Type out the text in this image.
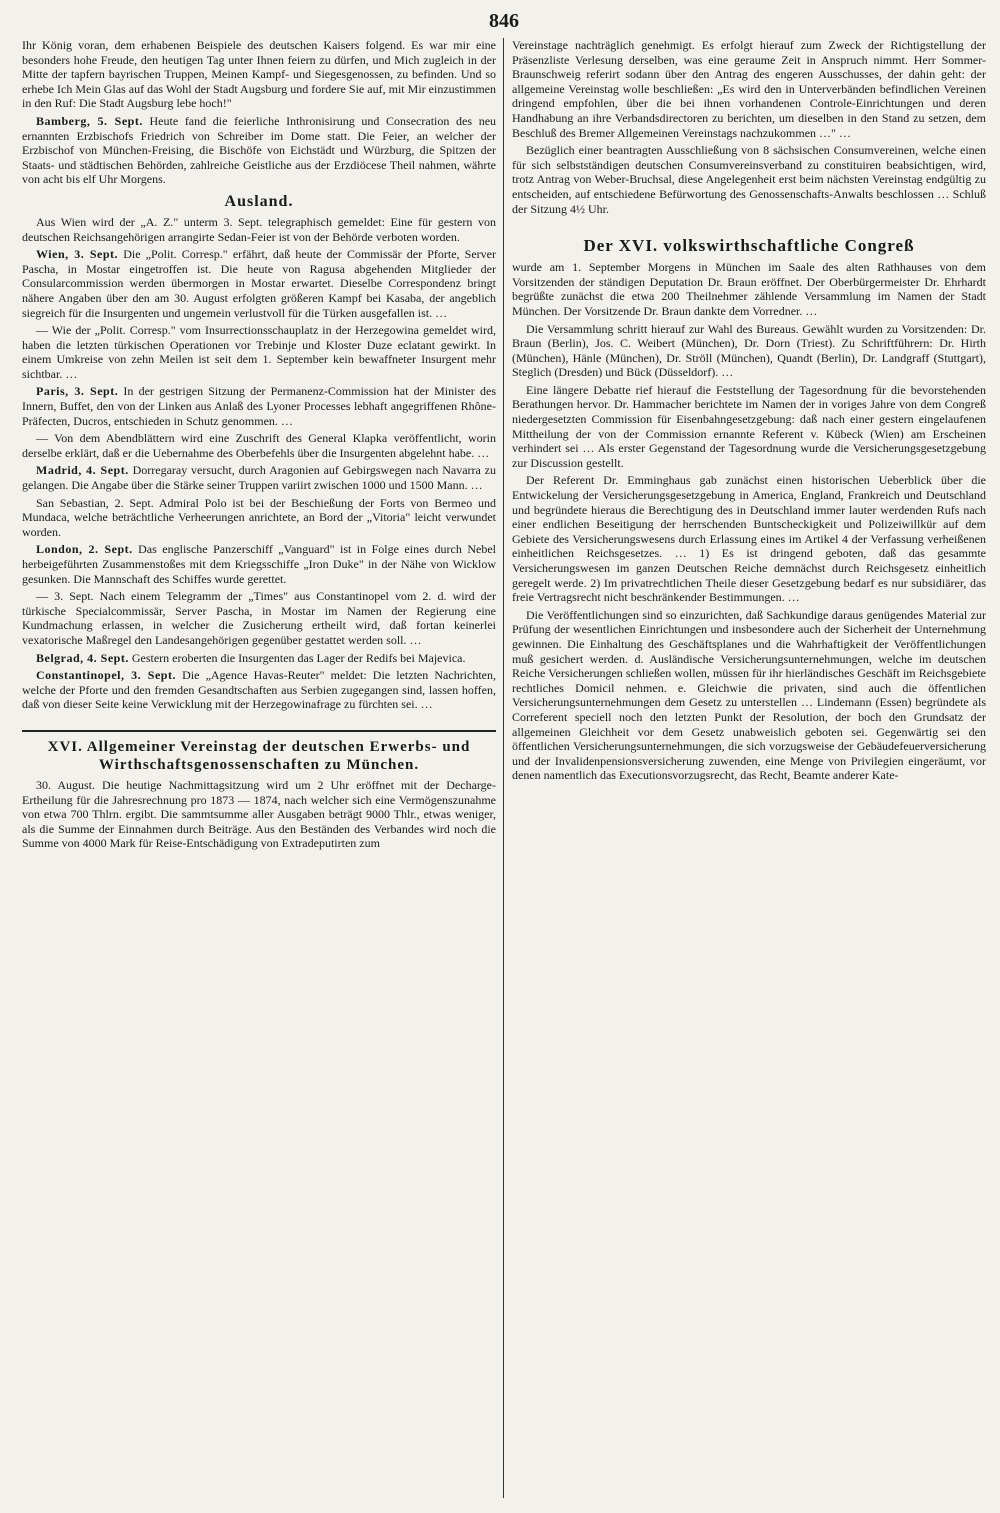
846

Ihr König voran, dem erhabenen Beispiele des deutschen Kaisers folgend. Es war mir eine besonders hohe Freude, den heutigen Tag unter Ihnen feiern zu dürfen, und Mich zugleich in der Mitte der tapfern bayrischen Truppen, Meinen Kampf- und Siegesgenossen, zu befinden. Und so erhebe Ich Mein Glas auf das Wohl der Stadt Augsburg und fordere Sie auf, mit Mir einzustimmen in den Ruf: Die Stadt Augsburg lebe hoch!"

Bamberg, 5. Sept. Heute fand die feierliche Inthronisirung und Consecration des neu ernannten Erzbischofs Friedrich von Schreiber im Dome statt. Die Feier, an welcher der Erzbischof von München-Freising, die Bischöfe von Eichstädt und Würzburg, die Spitzen der Staats- und städtischen Behörden, zahlreiche Geistliche aus der Erzdiöcese Theil nahmen, währte von acht bis elf Uhr Morgens.

Ausland.

Aus Wien wird der „A. Z." unterm 3. Sept. telegraphisch gemeldet: Eine für gestern von deutschen Reichsangehörigen arrangirte Sedan-Feier ist von der Behörde verboten worden.

Wien, 3. Sept. Die „Polit. Corresp." erfährt, daß heute der Commissär der Pforte, Server Pascha, in Mostar eingetroffen ist. Die heute von Ragusa abgehenden Mitglieder der Consularcommission werden übermorgen in Mostar erwartet. Dieselbe Correspondenz bringt nähere Angaben über den am 30. August erfolgten größeren Kampf bei Kasaba, der angeblich siegreich für die Insurgenten und ungemein verlustvoll für die Türken ausgefallen ist. …

— Wie der „Polit. Corresp." vom Insurrectionsschauplatz in der Herzegowina gemeldet wird, haben die letzten türkischen Operationen vor Trebinje und Kloster Duze eclatant gewirkt. In einem Umkreise von zehn Meilen ist seit dem 1. September kein bewaffneter Insurgent mehr sichtbar. …

Paris, 3. Sept. In der gestrigen Sitzung der Permanenz-Commission hat der Minister des Innern, Buffet, den von der Linken aus Anlaß des Lyoner Processes lebhaft angegriffenen Rhône-Präfecten, Ducros, entschieden in Schutz genommen. …

— Von dem Abendblättern wird eine Zuschrift des General Klapka veröffentlicht, worin derselbe erklärt, daß er die Uebernahme des Oberbefehls über die Insurgenten abgelehnt habe. …

Madrid, 4. Sept. Dorregaray versucht, durch Aragonien auf Gebirgswegen nach Navarra zu gelangen. Die Angabe über die Stärke seiner Truppen variirt zwischen 1000 und 1500 Mann. …

San Sebastian, 2. Sept. Admiral Polo ist bei der Beschießung der Forts von Bermeo und Mundaca, welche beträchtliche Verheerungen anrichtete, an Bord der „Vitoria" leicht verwundet worden.

London, 2. Sept. Das englische Panzerschiff „Vanguard" ist in Folge eines durch Nebel herbeigeführten Zusammenstoßes mit dem Kriegsschiffe „Iron Duke" in der Nähe von Wicklow gesunken. Die Mannschaft des Schiffes wurde gerettet.

— 3. Sept. Nach einem Telegramm der „Times" aus Constantinopel vom 2. d. wird der türkische Specialcommissär, Server Pascha, in Mostar im Namen der Regierung eine Kundmachung erlassen, in welcher die Zusicherung ertheilt wird, daß fortan keinerlei vexatorische Maßregel den Landesangehörigen gegenüber gestattet werden soll. …

Belgrad, 4. Sept. Gestern eroberten die Insurgenten das Lager der Redifs bei Majevica.

Constantinopel, 3. Sept. Die „Agence Havas-Reuter" meldet: Die letzten Nachrichten, welche der Pforte und den fremden Gesandtschaften aus Serbien zugegangen sind, lassen hoffen, daß von dieser Seite keine Verwicklung mit der Herzegowinafrage zu fürchten sei. …

XVI. Allgemeiner Vereinstag der deutschen Erwerbs- und Wirthschaftsgenossenschaften zu München.

30. August. Die heutige Nachmittagsitzung wird um 2 Uhr eröffnet mit der Decharge-Ertheilung für die Jahresrechnung pro 1873 — 1874, nach welcher sich eine Vermögenszunahme von etwa 700 Thlrn. ergibt. Die sammtsumme aller Ausgaben beträgt 9000 Thlr., etwas weniger, als die Summe der Einnahmen durch Beiträge. Aus den Beständen des Verbandes wird noch die Summe von 4000 Mark für Reise-Entschädigung von Extradeputirten zum

Vereinstage nachträglich genehmigt. Es erfolgt hierauf zum Zweck der Richtigstellung der Präsenzliste Verlesung derselben, was eine geraume Zeit in Anspruch nimmt. Herr Sommer-Braunschweig referirt sodann über den Antrag des engeren Ausschusses, der dahin geht: der allgemeine Vereinstag wolle beschließen: „Es wird den in Unterverbänden befindlichen Vereinen dringend empfohlen, über die bei ihnen vorhandenen Controle-Einrichtungen und deren Handhabung an ihre Verbandsdirectoren zu berichten, um dieselben in den Stand zu setzen, dem Beschluß des Bremer Allgemeinen Vereinstags nachzukommen …" …

Bezüglich einer beantragten Ausschließung von 8 sächsischen Consumvereinen, welche einen für sich selbstständigen deutschen Consumvereinsverband zu constituiren beabsichtigen, wird, trotz Antrag von Weber-Bruchsal, diese Angelegenheit erst beim nächsten Vereinstag endgültig zu entscheiden, auf entschiedene Befürwortung des Genossenschafts-Anwalts beschlossen … Schluß der Sitzung 4½ Uhr.

Der XVI. volkswirthschaftliche Congreß

wurde am 1. September Morgens in München im Saale des alten Rathhauses von dem Vorsitzenden der ständigen Deputation Dr. Braun eröffnet. Der Oberbürgermeister Dr. Ehrhardt begrüßte zunächst die etwa 200 Theilnehmer zählende Versammlung im Namen der Stadt München. Der Vorsitzende Dr. Braun dankte dem Vorredner. …

Die Versammlung schritt hierauf zur Wahl des Bureaus. Gewählt wurden zu Vorsitzenden: Dr. Braun (Berlin), Jos. C. Weibert (München), Dr. Dorn (Triest). Zu Schriftführern: Dr. Hirth (München), Hänle (München), Dr. Ströll (München), Quandt (Berlin), Dr. Landgraff (Stuttgart), Steglich (Dresden) und Bück (Düsseldorf). …

Eine längere Debatte rief hierauf die Feststellung der Tagesordnung für die bevorstehenden Berathungen hervor. Dr. Hammacher berichtete im Namen der in voriges Jahre von dem Congreß niedergesetzten Commission für Eisenbahngesetzgebung: daß nach einer gestern eingelaufenen Mittheilung der von der Commission ernannte Referent v. Kübeck (Wien) am Erscheinen verhindert sei … Als erster Gegenstand der Tagesordnung wurde die Versicherungsgesetzgebung zur Discussion gestellt.

Der Referent Dr. Emminghaus gab zunächst einen historischen Ueberblick über die Entwickelung der Versicherungsgesetzgebung in America, England, Frankreich und Deutschland und begründete hieraus die Berechtigung des in Deutschland immer lauter werdenden Rufs nach einer endlichen Beseitigung der herrschenden Buntscheckigkeit und Polizeiwillkür auf dem Gebiete des Versicherungswesens durch Erlassung eines im Artikel 4 der Verfassung verheißenen einheitlichen Reichsgesetzes. … 1) Es ist dringend geboten, daß das gesammte Versicherungswesen im ganzen Deutschen Reiche demnächst durch Reichsgesetz einheitlich geregelt werde. 2) Im privatrechtlichen Theile dieser Gesetzgebung bedarf es nur subsidiärer, das freie Vertragsrecht nicht beschränkender Bestimmungen. …

Die Veröffentlichungen sind so einzurichten, daß Sachkundige daraus genügendes Material zur Prüfung der wesentlichen Einrichtungen und insbesondere auch der Sicherheit der Unternehmung gewinnen. Die Einhaltung des Geschäftsplanes und die Wahrhaftigkeit der Veröffentlichungen muß gesichert werden. d. Ausländische Versicherungsunternehmungen, welche im deutschen Reiche Versicherungen schließen wollen, müssen für ihr hierländisches Geschäft im Reichsgebiete rechtliches Domicil nehmen. e. Gleichwie die privaten, sind auch die öffentlichen Versicherungsunternehmungen dem Gesetz zu unterstellen … Lindemann (Essen) begründete als Correferent speciell noch den letzten Punkt der Resolution, der boch den Grundsatz der allgemeinen Gleichheit vor dem Gesetz unabweislich geboten sei. Gegenwärtig sei den öffentlichen Versicherungsunternehmungen, die sich vorzugsweise der Gebäudefeuerversicherung und der Invalidenpensionsversicherung zuwenden, eine Menge von Privilegien eingeräumt, vor denen namentlich das Executionsvorzugsrecht, das Recht, Beamte anderer Kate-
